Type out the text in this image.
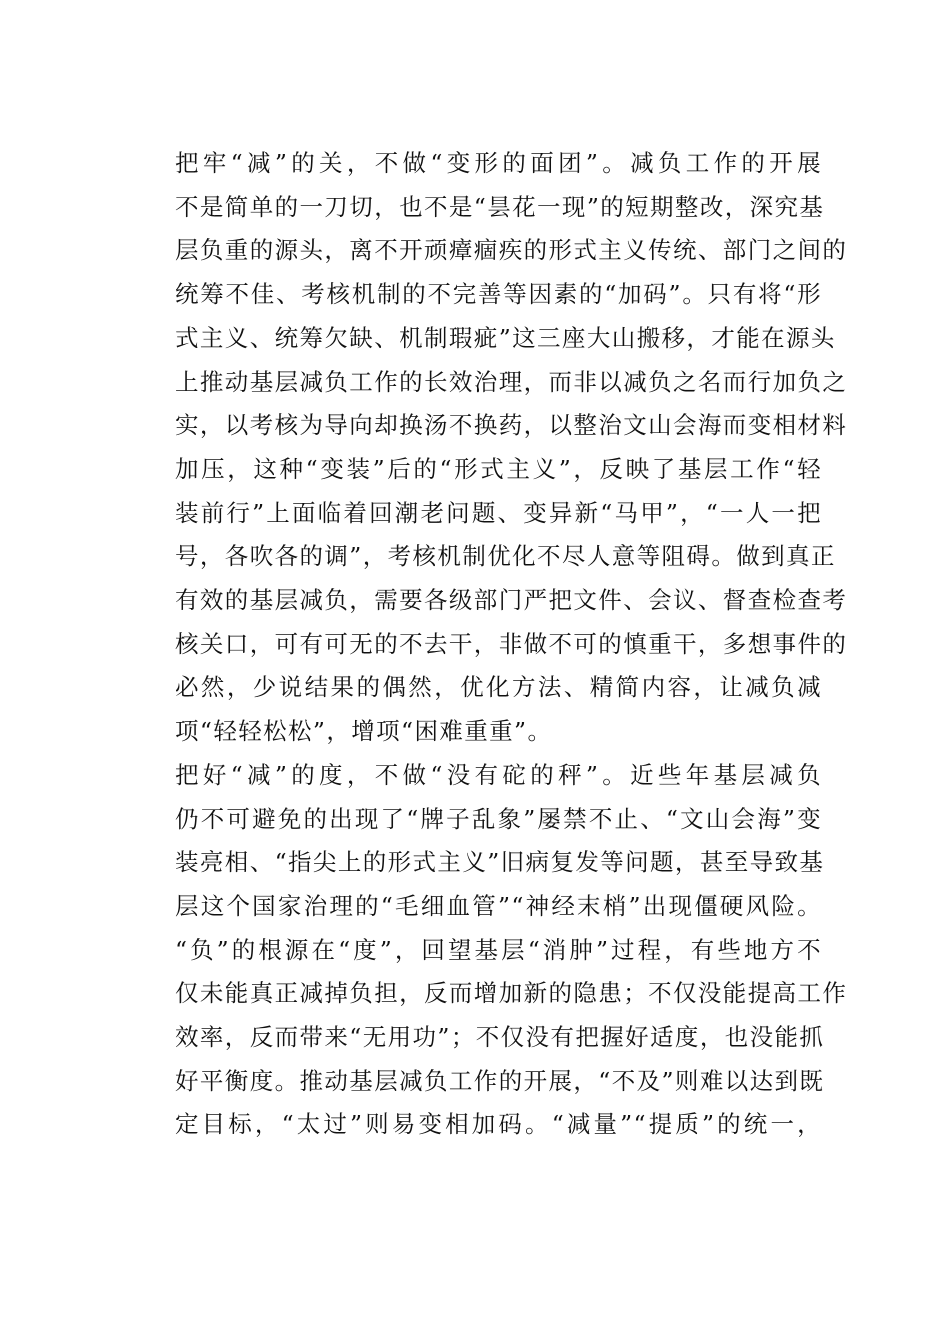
把牢“减”的关，不做“变形的面团”。减负工作的开展
不是简单的一刀切，也不是“昙花一现”的短期整改，深究基
层负重的源头，离不开顽瘴痼疾的形式主义传统、部门之间的
统筹不佳、考核机制的不完善等因素的“加码”。只有将“形
式主义、统筹欠缺、机制瑕疵”这三座大山搬移，才能在源头
上推动基层减负工作的长效治理，而非以减负之名而行加负之
实，以考核为导向却换汤不换药，以整治文山会海而变相材料
加压，这种“变装”后的“形式主义”，反映了基层工作“轻
装前行”上面临着回潮老问题、变异新“马甲”，“一人一把
号，各吹各的调”，考核机制优化不尽人意等阻碍。做到真正
有效的基层减负，需要各级部门严把文件、会议、督查检查考
核关口，可有可无的不去干，非做不可的慎重干，多想事件的
必然，少说结果的偶然，优化方法、精简内容，让减负减
项“轻轻松松”，增项“困难重重”。

把好“减”的度，不做“没有砣的秤”。近些年基层减负
仍不可避免的出现了“牌子乱象”屡禁不止、“文山会海”变
装亮相、“指尖上的形式主义”旧病复发等问题，甚至导致基
层这个国家治理的“毛细血管”“神经末梢”出现僵硬风险。
“负”的根源在“度”，回望基层“消肿”过程，有些地方不
仅未能真正减掉负担，反而增加新的隐患；不仅没能提高工作
效率，反而带来“无用功”；不仅没有把握好适度，也没能抓
好平衡度。推动基层减负工作的开展，“不及”则难以达到既
定目标，“太过”则易变相加码。“减量”“提质”的统一，
